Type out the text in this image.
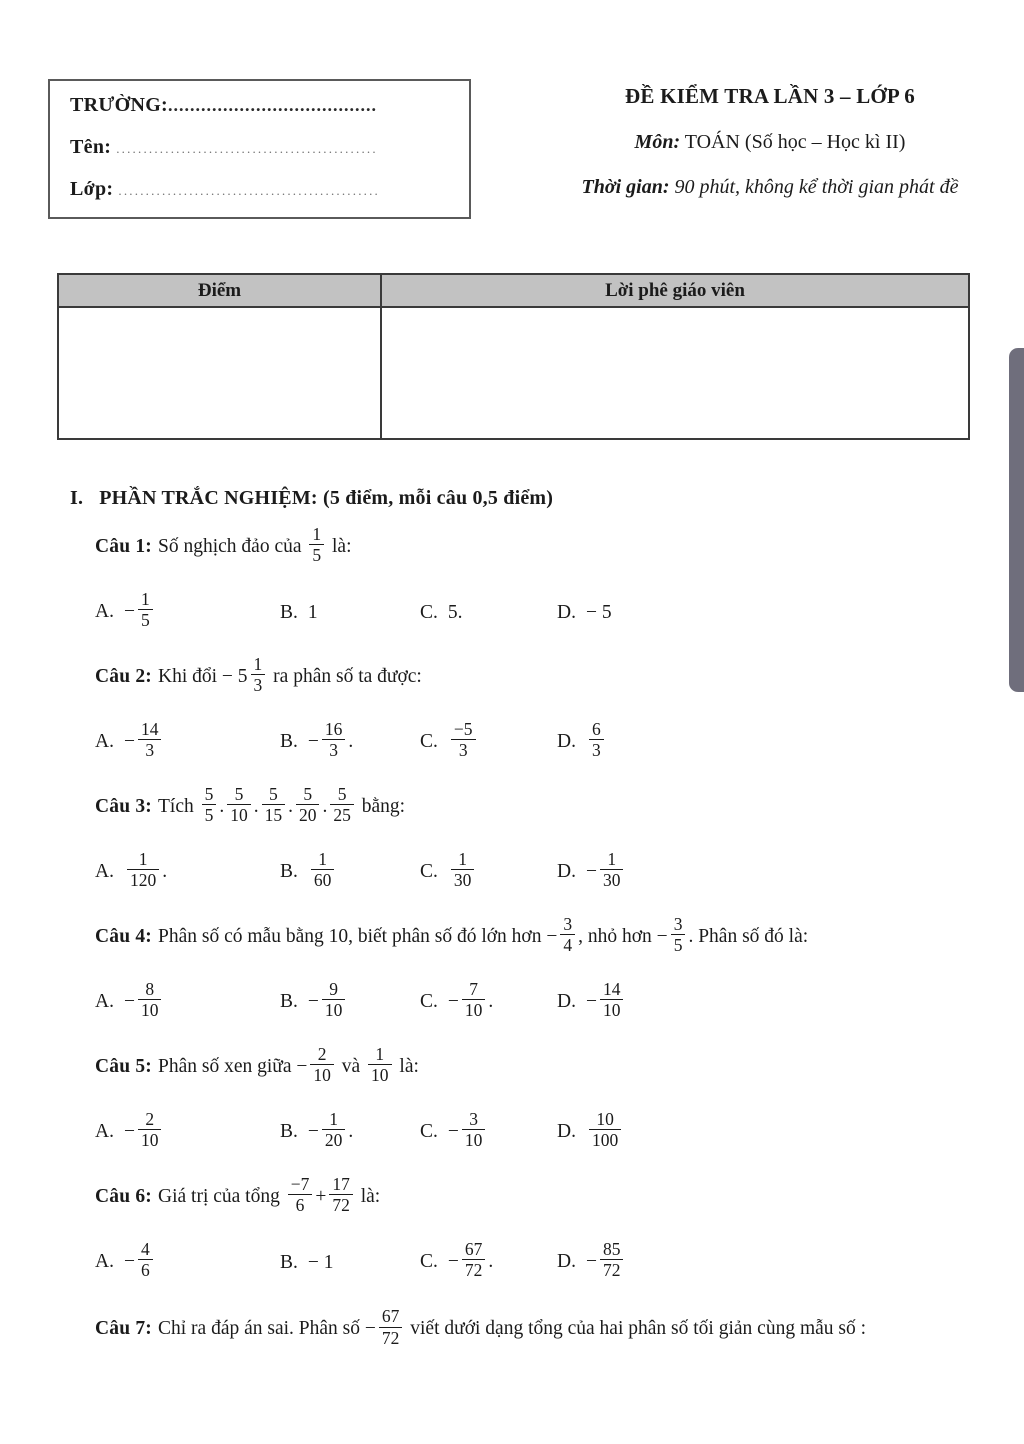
TRƯỜNG:......................................
Tên: ................................................
Lớp: ................................................
ĐỀ KIỂM TRA LẦN 3 – LỚP 6
Môn: TOÁN (Số học – Học kì II)
Thời gian: 90 phút, không kể thời gian phát đề
Điểm	Lời phê giáo viên

I. PHẦN TRẮC NGHIỆM: (5 điểm, mỗi câu 0,5 điểm)
Câu 1: Số nghịch đảo của $\frac{1}{5}$ là:
A. − $\frac{1}{5}$	B. 1	C. 5.	D. − 5
Câu 2: Khi đổi − $5 \frac{1}{3}$ ra phân số ta được:
A. − $\frac{14}{3}$	B. − $\frac{16}{3}$ .	C. $\frac{-5}{3}$	D. $\frac{6}{3}$
Câu 3: Tích $\frac{5}{5}$ . $\frac{5}{10}$ . $\frac{5}{15}$ . $\frac{5}{20}$ . $\frac{5}{25}$ bằng:
A. $\frac{1}{120}$ .	B. $\frac{1}{60}$	C. $\frac{1}{30}$	D. − $\frac{1}{30}$
Câu 4: Phân số có mẫu bằng 10, biết phân số đó lớn hơn − $\frac{3}{4}$ , nhỏ hơn − $\frac{3}{5}$ . Phân số đó là:
A. − $\frac{8}{10}$	B. − $\frac{9}{10}$	C. − $\frac{7}{10}$ .	D. − $\frac{14}{10}$
Câu 5: Phân số xen giữa − $\frac{2}{10}$ và $\frac{1}{10}$ là:
A. − $\frac{2}{10}$	B. − $\frac{1}{20}$ .	C. − $\frac{3}{10}$	D. $\frac{10}{100}$
Câu 6: Giá trị của tổng $\frac{-7}{6} + \frac{17}{72}$ là:
A. − $\frac{4}{6}$	B. − 1	C. − $\frac{67}{72}$ .	D. − $\frac{85}{72}$
Câu 7: Chỉ ra đáp án sai. Phân số − $\frac{67}{72}$ viết dưới dạng tổng của hai phân số tối giản cùng mẫu số :
